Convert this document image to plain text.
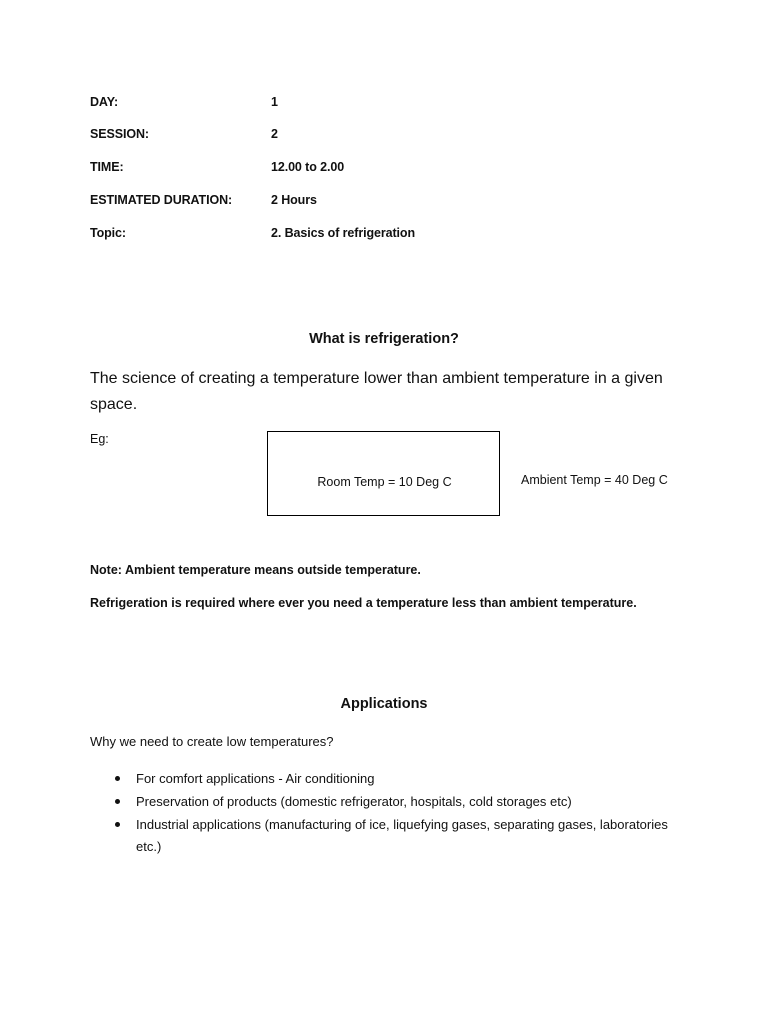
DAY:	1
SESSION:	2
TIME:	12.00 to 2.00
ESTIMATED DURATION:	2 Hours
Topic:	2. Basics of refrigeration
What is refrigeration?
The science of creating a temperature lower than ambient temperature in a given space.
Eg:
Room Temp = 10 Deg C	Ambient Temp = 40 Deg C
Note: Ambient temperature means outside temperature.
Refrigeration is required where ever you need a temperature less than ambient temperature.
Applications
Why we need to create low temperatures?
For comfort applications - Air conditioning
Preservation of products (domestic refrigerator, hospitals, cold storages etc)
Industrial applications (manufacturing of ice, liquefying gases, separating gases, laboratories etc.)
